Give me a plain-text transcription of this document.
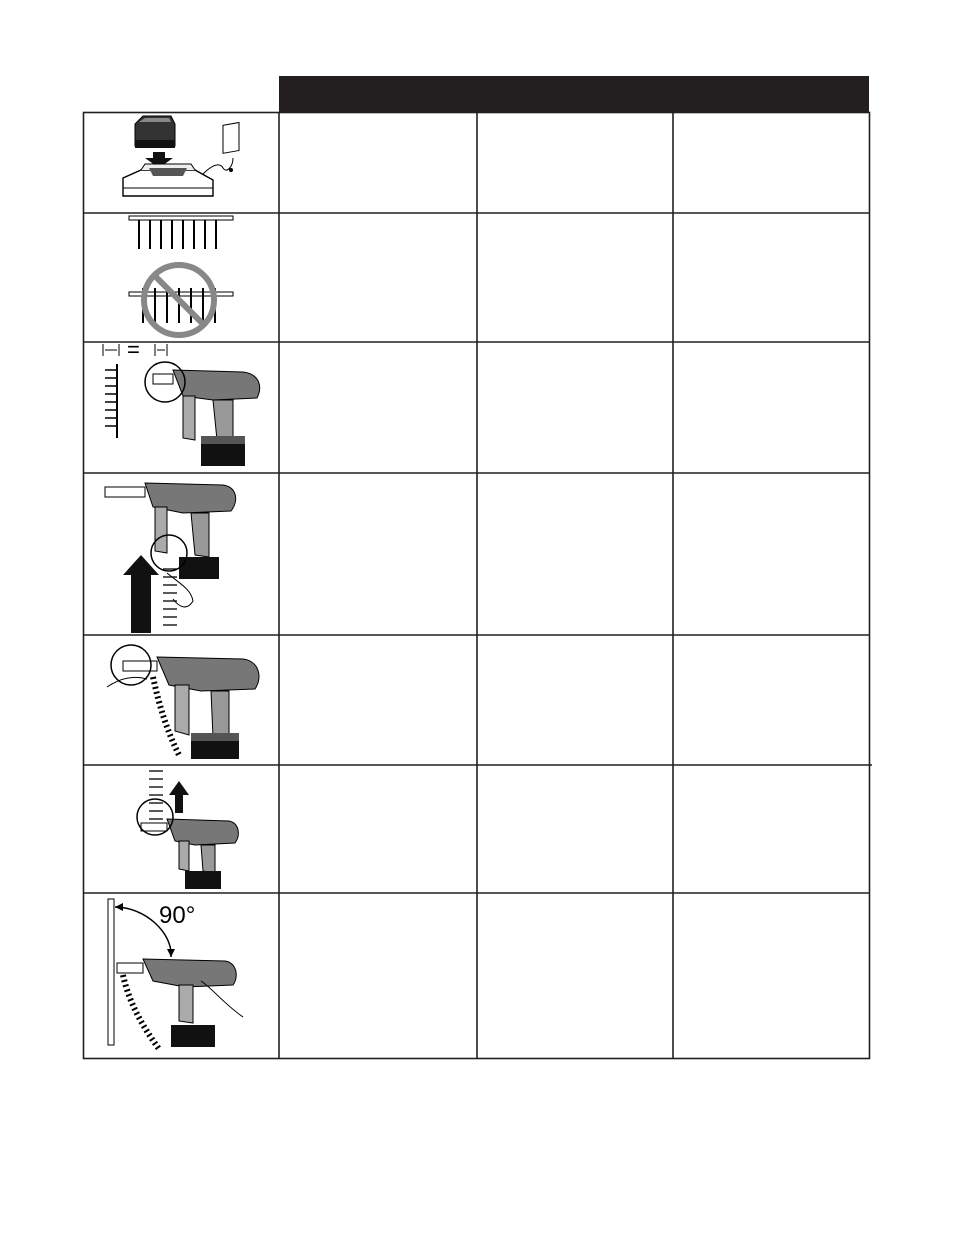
=
90°
